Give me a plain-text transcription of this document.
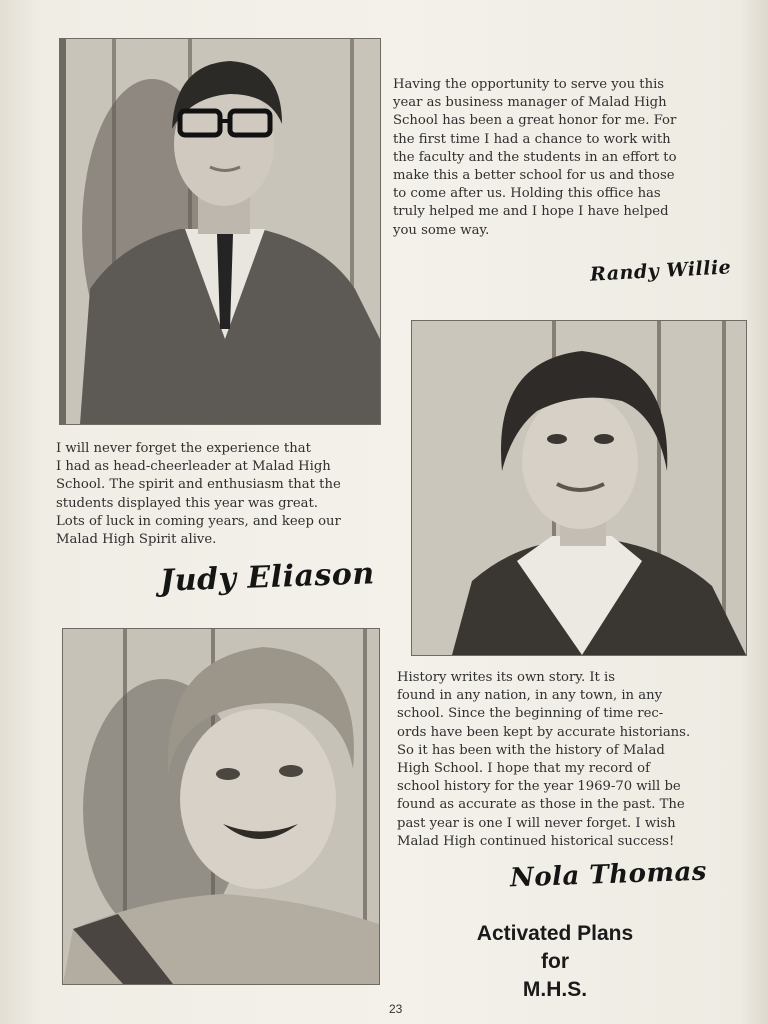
Having the opportunity to serve you this
year as business manager of Malad High
School has been a great honor for me. For
the first time I had a chance to work with
the faculty and the students in an effort to
make this a better school for us and those
to come after us. Holding this office has
truly helped me and I hope I have helped
you some way.

Randy Willie

I will never forget the experience that
I had as head-cheerleader at Malad High
School. The spirit and enthusiasm that the
students displayed this year was great.
Lots of luck in coming years, and keep our
Malad High Spirit alive.

Judy Eliason

History writes its own story. It is
found in any nation, in any town, in any
school. Since the beginning of time rec-
ords have been kept by accurate historians.
So it has been with the history of Malad
High School. I hope that my record of
school history for the year 1969-70 will be
found as accurate as those in the past. The
past year is one I will never forget. I wish
Malad High continued historical success!

Nola Thomas
Activated Plans
for
M.H.S.
23
